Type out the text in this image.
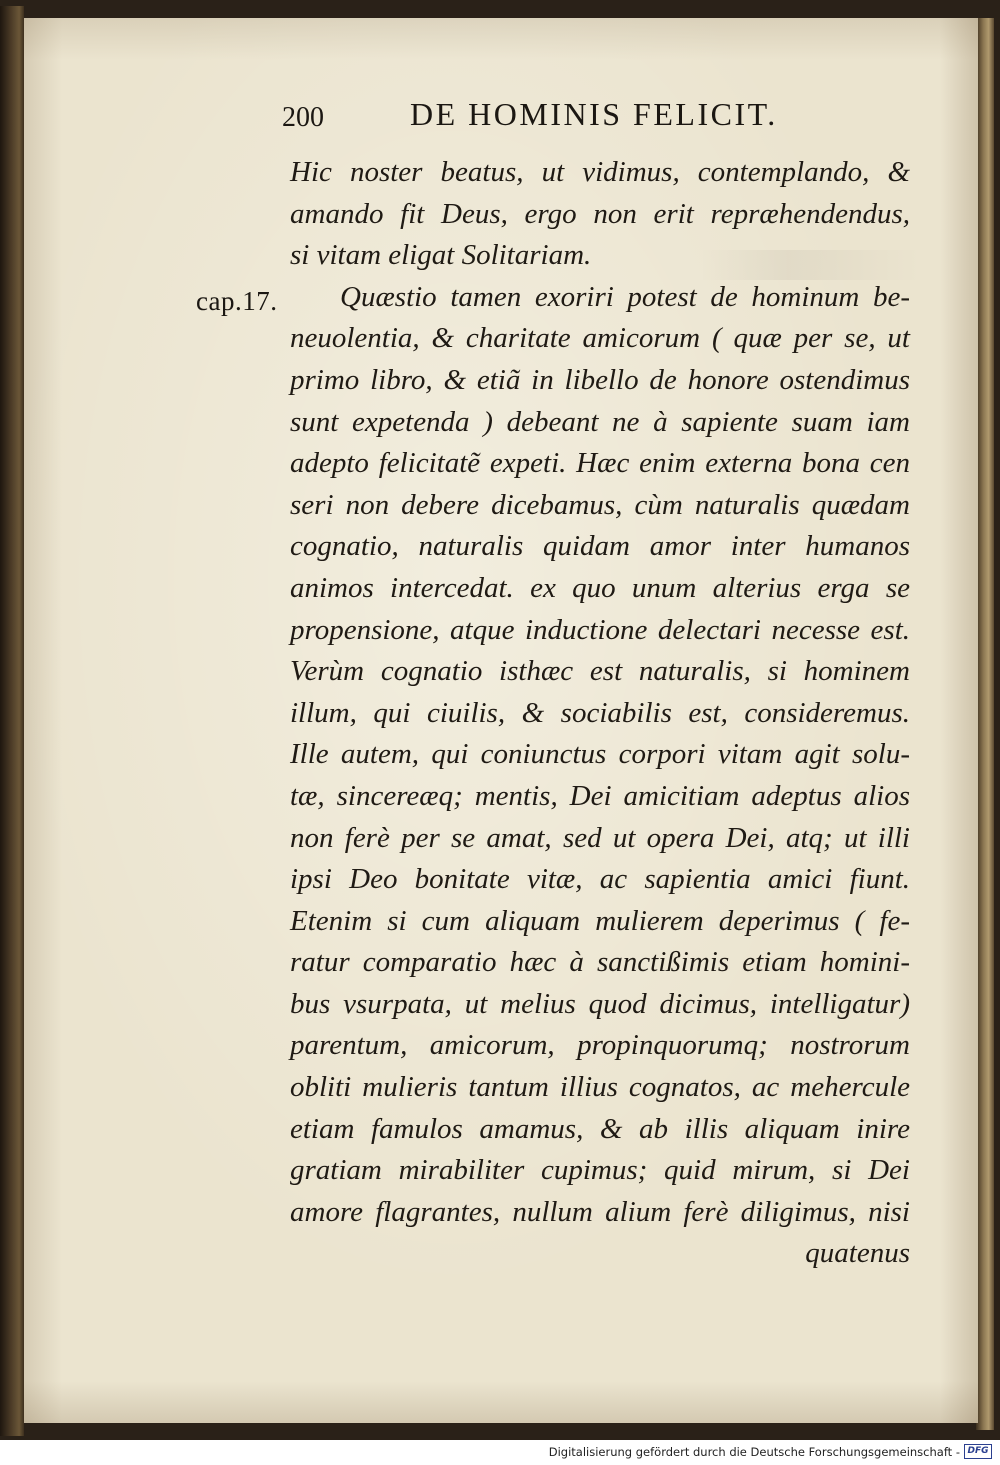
200	DE HOMINIS FELICIT.
cap.17.
Hic noster beatus, ut vidimus, contemplando, &
amando fit Deus, ergo non erit repræhendendus,
si vitam eligat Solitariam.
Quæstio tamen exoriri potest de hominum be-
neuolentia, & charitate amicorum ( quæ per se, ut
primo libro, & etiã in libello de honore ostendimus
sunt expetenda ) debeant ne à sapiente suam iam
adepto felicitatẽ expeti. Hæc enim externa bona cen
seri non debere dicebamus, cùm naturalis quædam
cognatio, naturalis quidam amor inter humanos
animos intercedat. ex quo unum alterius erga se
propensione, atque inductione delectari necesse est.
Verùm cognatio isthæc est naturalis, si hominem
illum, qui ciuilis, & sociabilis est, consideremus.
Ille autem, qui coniunctus corpori vitam agit solu-
tæ, sincereæq; mentis, Dei amicitiam adeptus alios
non ferè per se amat, sed ut opera Dei, atq; ut illi
ipsi Deo bonitate vitæ, ac sapientia amici fiunt.
Etenim si cum aliquam mulierem deperimus ( fe-
ratur comparatio hæc à sanctißimis etiam homini-
bus vsurpata, ut melius quod dicimus, intelligatur)
parentum, amicorum, propinquorumq; nostrorum
obliti mulieris tantum illius cognatos, ac mehercule
etiam famulos amamus, & ab illis aliquam inire
gratiam mirabiliter cupimus; quid mirum, si Dei
amore flagrantes, nullum alium ferè diligimus, nisi
quatenus
Digitalisierung gefördert durch die Deutsche Forschungsgemeinschaft - DFG
